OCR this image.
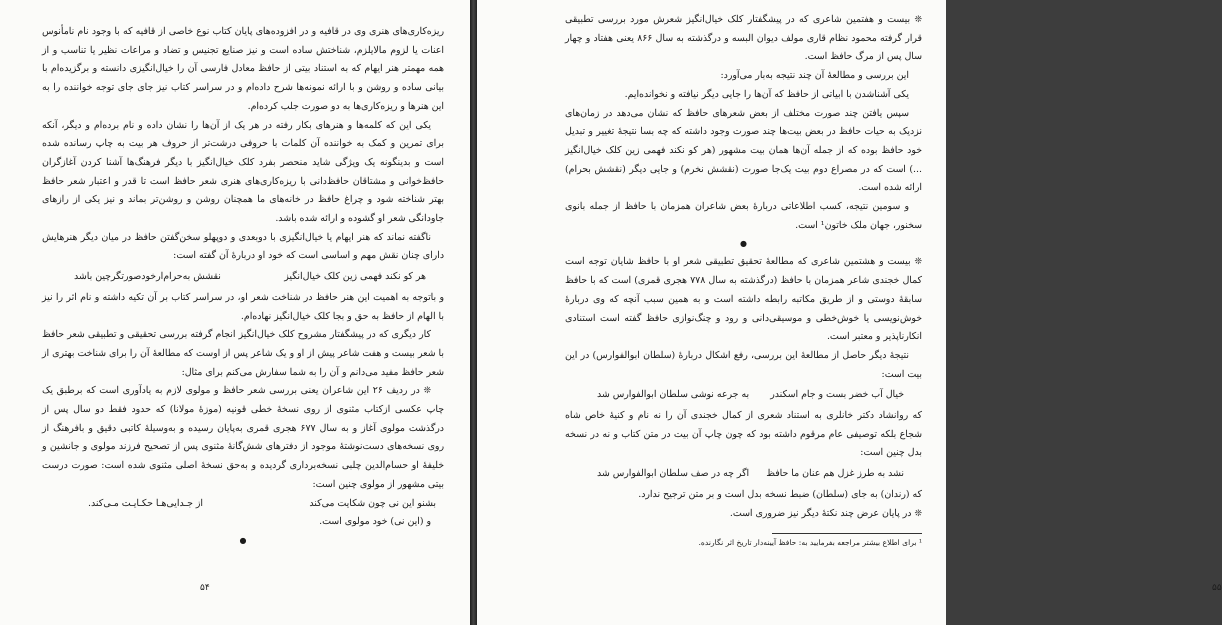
ریزه‌کاری‌های هنری وی در قافیه و در افزوده‌های پایان کتاب نوع خاصی از قافیه که با وجود نام نامأنوس اعنات یا لزوم مالایلزم، شناختش ساده است و نیز صنایع تجنیس و تضاد و مراعات نظیر یا تناسب و از همه مهمتر هنر ایهام که به استناد بیتی از حافظ معادل فارسی آن را خیال‌انگیزی دانسته و برگزیده‌ام با بیانی ساده و روشن و با ارائه نمونه‌ها شرح داده‌ام و در سراسر کتاب نیز جای جای توجه خواننده را به این هنرها و ریزه‌کاری‌ها به دو صورت جلب کرده‌ام.

یکی این که کلمه‌ها و هنرهای بکار رفته در هر یک از آن‌ها را نشان داده و نام برده‌ام و دیگر، آنکه برای تمرین و کمک به خواننده آن کلمات با حروفی درشت‌تر از حروف هر بیت به چاپ رسانده شده است و بدینگونه یک ویژگی شاید منحصر بفرد کلک خیال‌انگیز با دیگر فرهنگ‌ها آشنا کردن آغازگران حافظ‌خوانی و مشتاقان حافظ‌دانی با ریزه‌کاری‌های هنری شعر حافظ است تا قدر و اعتبار شعر حافظ بهتر شناخته شود و چراغ حافظ در خانه‌های ما همچنان روشن و روشن‌تر بماند و نیز یکی از رازهای جاودانگی شعر او گشوده و ارائه شده باشد.

ناگفته نماند که هنر ایهام یا خیال‌انگیزی با دوبعدی و دوپهلو سخن‌گفتن حافظ در میان دیگر هنرهایش دارای چنان نقش مهم و اساسی است که خود او دربارهٔ آن گفته است:

هر کو نکند فهمی زین کلک خیال‌انگیز
نقشش به‌حرام‌ارخودصورتگرچین باشد

و باتوجه به اهمیت این هنر حافظ در شناخت شعر او، در سراسر کتاب بر آن تکیه داشته و نام اثر را نیز با الهام از حافظ به حق و بجا کلک خیال‌انگیز نهاده‌ام.

کار دیگری که در پیشگفتار مشروح کلک خیال‌انگیز انجام گرفته بررسی تحقیقی و تطبیقی شعر حافظ با شعر بیست و هفت شاعر پیش از او و یک شاعر پس از اوست که مطالعهٔ آن را برای شناخت بهتری از شعر حافظ مفید می‌دانم و آن را به شما سفارش می‌کنم برای مثال:

❊ در ردیف ۲۶ این شاعران یعنی بررسی شعر حافظ و مولوی لازم به یادآوری است که برطبق یک چاپ عکسی ازکتاب مثنوی از روی نسخهٔ خطی قونیه (موزهٔ مولانا) که حدود فقط دو سال پس از درگذشت مولوی آغاز و به سال ۶۷۷ هجری قمری به‌پایان رسیده و به‌وسیلهٔ کاتبی دقیق و بافرهنگ از روی نسخه‌های دست‌نوشتهٔ موجود از دفترهای شش‌گانهٔ مثنوی پس از تصحیح فرزند مولوی و جانشین و خلیفهٔ او حسام‌الدین چلبی نسخه‌برداری گردیده و به‌حق نسخهٔ اصلی مثنوی شده است: صورت درست بیتی مشهور از مولوی چنین است:

بشنو این نی چون شکایت می‌کند
از جـدایی‌هـا حکـایـت مـی‌کند.

و (این نی) خود مولوی است.

●
۵۴

❊ بیست و هفتمین شاعری که در پیشگفتار کلک خیال‌انگیز شعرش مورد بررسی تطبیقی قرار گرفته محمود نظام قاری مولف دیوان البسه و درگذشته به سال ۸۶۶ یعنی هفتاد و چهار سال پس از مرگ حافظ است.

این بررسی و مطالعهٔ آن چند نتیجه به‌بار می‌آورد:

یکی آشناشدن با ابیاتی از حافظ که آن‌ها را جایی دیگر نیافته و نخوانده‌ایم.

سپس یافتن چند صورت مختلف از بعض شعرهای حافظ که نشان می‌دهد در زمان‌های نزدیک به حیات حافظ در بعض بیت‌ها چند صورت وجود داشته که چه بسا نتیجهٔ تغییر و تبدیل خود حافظ بوده که از جمله آن‌ها همان بیت مشهور (هر کو نکند فهمی زین کلک خیال‌انگیز ...) است که در مصراع دوم بیت یک‌جا صورت (نقشش نخرم) و جایی دیگر (نقشش بحرام) ارائه شده است.

و سومین نتیجه، کسب اطلاعاتی دربارهٔ بعض شاعران همزمان با حافظ از جمله بانوی سخنور، جهان ملک خاتون¹ است.

●

❊ بیست و هشتمین شاعری که مطالعهٔ تحقیق تطبیقی شعر او با حافظ شایان توجه است کمال خجندی شاعر همزمان با حافظ (درگذشته به سال ۷۷۸ هجری قمری) است که با حافظ سابقهٔ دوستی و از طریق مکاتبه رابطه داشته است و به همین سبب آنچه که وی دربارهٔ خوش‌نویسی یا خوش‌خطی و موسیقی‌دانی و رود و چنگ‌نوازی حافظ گفته است استنادی انکارناپذیر و معتبر است.

نتیجهٔ دیگر حاصل از مطالعهٔ این بررسی، رفع اشکال دربارهٔ (سلطان ابوالفوارس) در این بیت است:

خیال آب خضر بست و جام اسکندر
به جرعه نوشی سلطان ابوالفوارس شد

که روانشاد دکتر خانلری به استناد شعری از کمال خجندی آن را نه نام و کنیهٔ خاص شاه شجاع بلکه توصیفی عام مرقوم داشته بود که چون چاپ آن بیت در متن کتاب و نه در نسخه بدل چنین است:

نشد به طرز غزل هم عنان ما حافظ
اگر چه در صف سلطان ابوالفوارس شد

که (رندان) به جای (سلطان) ضبط نسخه بدل است و بر متن ترجیح ندارد.

❊ در پایان عرض چند نکتهٔ دیگر نیز ضروری است.

¹ برای اطلاع بیشتر مراجعه بفرمایید به: حافظ آیینه‌دار تاریخ اثر نگارنده.

۵۵
